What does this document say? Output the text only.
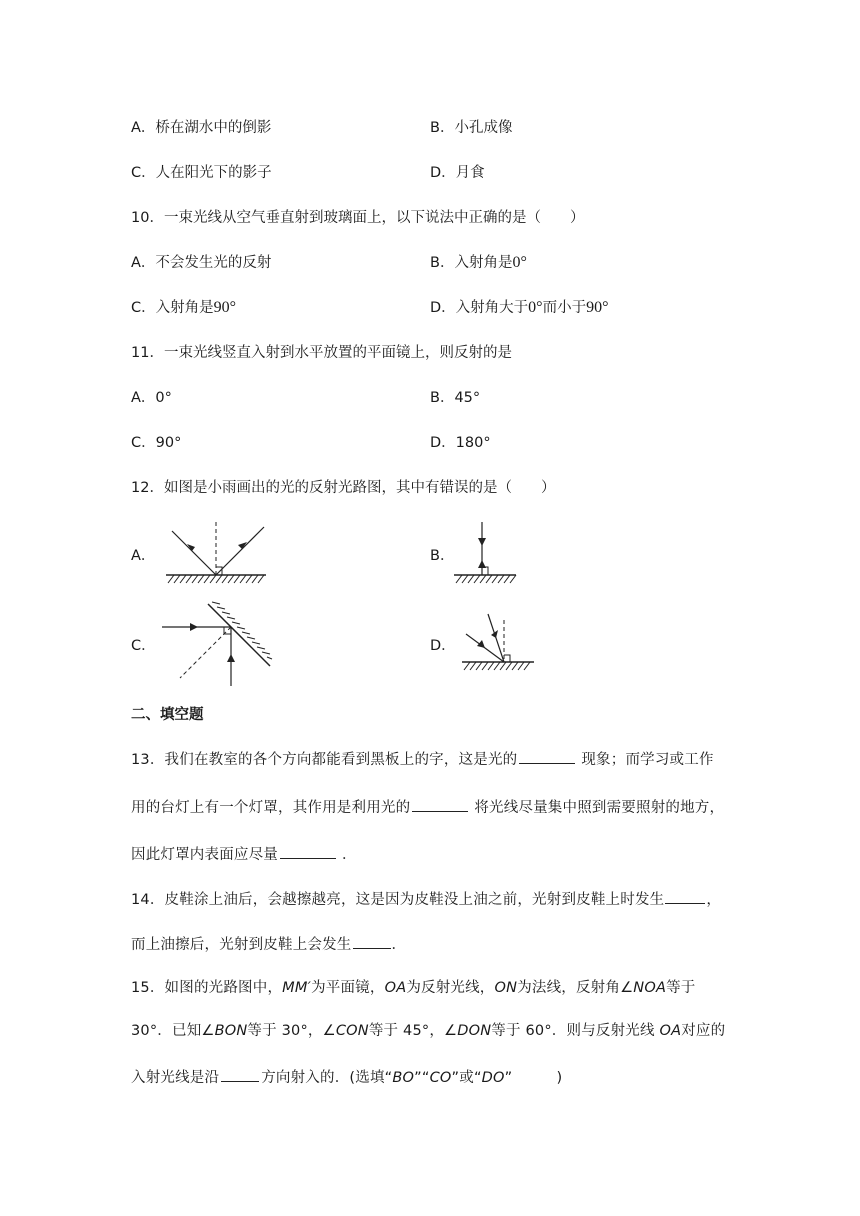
A．桥在湖水中的倒影	B．小孔成像
C．人在阳光下的影子	D．月食
10．一束光线从空气垂直射到玻璃面上，以下说法中正确的是（　　）
A．不会发生光的反射	B．入射角是0°
C．入射角是90°	D．入射角大于0°而小于90°
11．一束光线竖直入射到水平放置的平面镜上，则反射的是
A．0°	B．45°
C．90°	D．180°
12．如图是小雨画出的光的反射光路图，其中有错误的是（　　）
A．	B．
C．	D．
二、填空题
13．我们在教室的各个方向都能看到黑板上的字，这是光的	现象；而学习或工作
用的台灯上有一个灯罩，其作用是利用光的	将光线尽量集中照到需要照射的地方，
因此灯罩内表面应尽量	．
14．皮鞋涂上油后，会越擦越亮，这是因为皮鞋没上油之前，光射到皮鞋上时发生	，
而上油擦后，光射到皮鞋上会发生	．
15．如图的光路图中，MM′为平面镜，OA为反射光线，ON为法线，反射角∠NOA等于
30°．已知∠BON等于 30°，∠CON等于 45°，∠DON等于 60°．则与反射光线 OA对应的
入射光线是沿	方向射入的．(选填“BO”“CO”或“DO”　　　)
